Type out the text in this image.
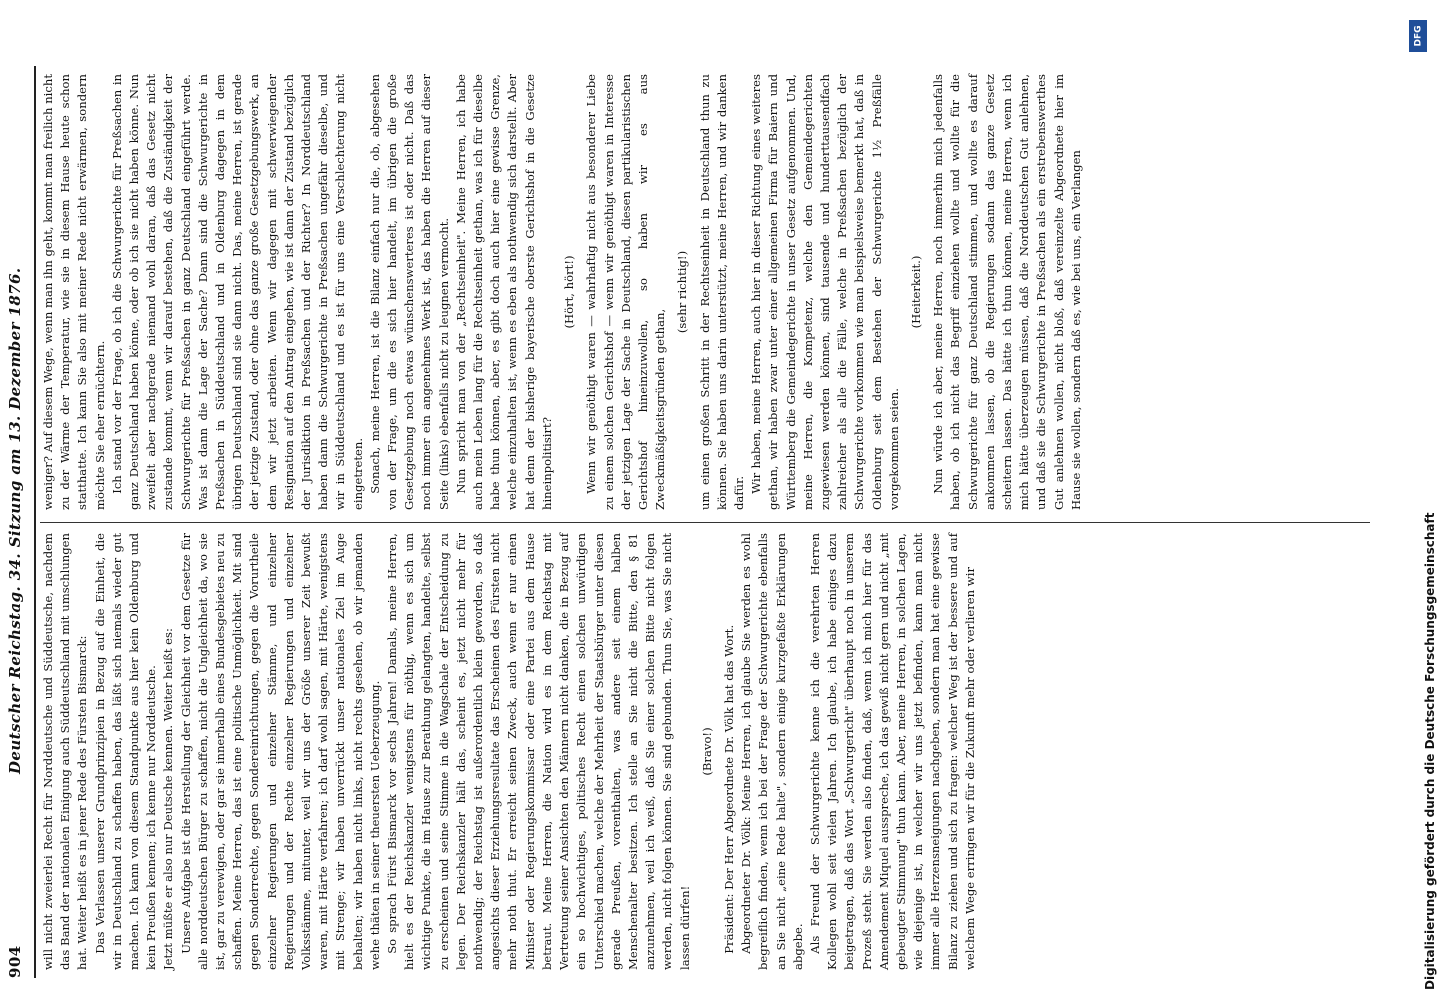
904
Deutscher Reichstag. 34. Sitzung am 13. Dezember 1876. will nicht zweierlei Recht für Norddeutsche und Süddeutsche, nachdem das Band der nationalen Einigung auch Süddeutschland mit umschlungen hat. Weiter heißt es in jener Rede des Fürsten Bismarck: Das Verlassen unserer Grundprinzipien in Bezug auf die Einheit, die wir in Deutschland zu schaffen haben, das läßt sich niemals wieder gut machen. Ich kann von diesem Standpunkte aus hier kein Oldenburg und kein Preußen kennen; ich kenne nur Norddeutsche. Jetzt müßte er also nur Deutsche kennen. Weiter heißt es: Unsere Aufgabe ist die Herstellung der Gleichheit vor dem Gesetze für alle norddeutschen Bürger zu schaffen, nicht die Ungleichheit da, wo sie ist, gar zu verewigen, oder gar sie innerhalb eines Bundesgebietes neu zu schaffen. Meine Herren, das ist eine politische Unmöglichkeit. Mit sind gegen Sonderrechte, gegen Sondereinrichtungen, gegen die Vorurtheile einzelner Regierungen und einzelner Stämme, und einzelner Regierungen und der Rechte einzelner Regierungen und einzelner Volksstämme, mitunter, weil wir uns der Größe unserer Zeit bewußt waren, mit Härte verfahren; ich darf wohl sagen, mit Härte, wenigstens mit Strenge; wir haben unverrückt unser nationales Ziel im Auge behalten; wir haben nicht links, nicht rechts gesehen, ob wir jemanden wehe thäten in seiner theuersten Ueberzeugung. So sprach Fürst Bismarck vor sechs Jahren! Damals, meine Herren, hielt es der Reichskanzler wenigstens für nöthig, wenn es sich um wichtige Punkte, die im Hause zur Berathung gelangten, handelte, selbst zu erscheinen und seine Stimme in die Wagschale der Entscheidung zu legen. Der Reichskanzler hält das, scheint es, jetzt nicht mehr für nothwendig; der Reichstag ist außerordentlich klein geworden, so daß angesichts dieser Erziehungsresultate das Erscheinen des Fürsten nicht mehr noth thut. Er erreicht seinen Zweck, auch wenn er nur einen Minister oder Regierungskommissar oder eine Partei aus dem Hause betraut. Meine Herren, die Nation wird es in dem Reichstag mit Vertretung seiner Ansichten den Männern nicht danken, die in Bezug auf ein so hochwichtiges, politisches Recht einen solchen unwürdigen Unterschied machen, welche der Mehrheit der Staatsbürger unter diesen gerade Preußen, vorenthalten, was andere seit einem halben Menschenalter besitzen. Ich stelle an Sie nicht die Bitte, den § 81 anzunehmen, weil ich weiß, daß Sie einer solchen Bitte nicht folgen werden, nicht folgen können. Sie sind gebunden. Thun Sie, was Sie nicht lassen dürfen!

(Bravo!) Präsident: Der Herr Abgeordnete Dr. Völk hat das Wort. Abgeordneter Dr. Völk: Meine Herren, ich glaube Sie werden es wohl begreiflich finden, wenn ich bei der Frage der Schwurgerichte ebenfalls an Sie nicht „eine Rede halte", sondern einige kurzgefaßte Erklärungen abgebe. Als Freund der Schwurgerichte kenne ich die verehrten Herren Kollegen wohl seit vielen Jahren. Ich glaube, ich habe einiges dazu beigetragen, daß das Wort „Schwurgericht" überhaupt noch in unserem Prozeß steht. Sie werden also finden, daß, wenn ich mich hier für das Amendement Miquel ausspreche, ich das gewiß nicht gern und nicht „mit gebeugter Stimmung" thun kann. Aber, meine Herren, in solchen Lagen, wie diejenige ist, in welcher wir uns jetzt befinden, kann man nicht immer alle Herzensneigungen nachgeben, sondern man hat eine gewisse Bilanz zu ziehen und sich zu fragen: welcher Weg ist der bessere und auf welchem Wege erringen wir für die Zukunft mehr oder verlieren wir

weniger? Auf diesem Wege, wenn man ihn geht, kommt man freilich nicht zu der Wärme der Temperatur, wie sie in diesem Hause heute schon statthatte. Ich kann Sie also mit meiner Rede nicht erwärmen, sondern möchte Sie eher ernüchtern. Ich stand vor der Frage, ob ich die Schwurgerichte für Preßsachen in ganz Deutschland haben könne, oder ob ich sie nicht haben könne. Nun zweifelt aber nachgerade niemand wohl daran, daß das Gesetz nicht zustande kommt, wenn wir darauf bestehen, daß die Zuständigkeit der Schwurgerichte für Preßsachen in ganz Deutschland eingeführt werde. Was ist dann die Lage der Sache? Dann sind die Schwurgerichte in Preßsachen in Süddeutschland und in Oldenburg dagegen in dem übrigen Deutschland sind sie dann nicht. Das, meine Herren, ist gerade der jetzige Zustand, oder ohne das ganze große Gesetzgebungswerk, an dem wir jetzt arbeiten. Wenn wir dagegen mit schwerwiegender Resignation auf den Antrag eingehen, wie ist dann der Zustand bezüglich der Jurisdiktion in Preßsachen und der Richter? In Norddeutschland haben dann die Schwurgerichte in Preßsachen ungefähr dieselbe, und wir in Süddeutschland und es ist für uns eine Verschlechterung nicht eingetreten. Sonach, meine Herren, ist die Bilanz einfach nur die, ob, abgesehen von der Frage, um die es sich hier handelt, im übrigen die große Gesetzgebung noch etwas wünschenswerteres ist oder nicht. Daß das noch immer ein angenehmes Werk ist, das haben die Herren auf dieser Seite (links) ebenfalls nicht zu leugnen vermocht. Nun spricht man von der „Rechtseinheit". Meine Herren, ich habe auch mein Leben lang für die Rechtseinheit gethan, was ich für dieselbe habe thun können, aber, es gibt doch auch hier eine gewisse Grenze, welche einzuhalten ist, wenn es eben als nothwendig sich darstellt. Aber hat denn der bisherige bayerische oberste Gerichtshof in die Gesetze hineinpolitisirt?

(Hört, hört!) Wenn wir genöthigt waren — wahrhaftig nicht aus besonderer Liebe zu einem solchen Gerichtshof — wenn wir genöthigt waren in Interesse der jetzigen Lage der Sache in Deutschland, diesen partikularistischen Gerichtshof hineinzuwollen, so haben wir es aus Zweckmäßigkeitsgründen gethan,

(sehr richtig!) um einen großen Schritt in der Rechtseinheit in Deutschland thun zu können. Sie haben uns darin unterstützt, meine Herren, und wir danken dafür. Wir haben, meine Herren, auch hier in dieser Richtung eines weiteres gethan, wir haben zwar unter einer allgemeinen Firma für Baiern und Württemberg die Gemeindegerichte in unser Gesetz aufgenommen. Und, meine Herren, die Kompetenz, welche den Gemeindegerichten zugewiesen werden können, sind tausende und hunderttausendfach zahlreicher als alle die Fälle, welche in Preßsachen bezüglich der Schwurgerichte vorkommen wie man beispielsweise bemerkt hat, daß in Oldenburg seit dem Bestehen der Schwurgerichte 1½ Preßfälle vorgekommen seien.

(Heiterkeit.) Nun würde ich aber, meine Herren, noch immerhin mich jedenfalls haben, ob ich nicht das Begriff einziehen wollte und wollte für die Schwurgerichte für ganz Deutschland stimmen, und wollte es darauf ankommen lassen, ob die Regierungen sodann das ganze Gesetz scheitern lassen. Das hätte ich thun können, meine Herren, wenn ich mich hätte überzeugen müssen, daß die Norddeutschen Gut anlehnen, und daß sie die Schwurgerichte in Preßsachen als ein erstrebenswerthes Gut anlehnen wollen, nicht bloß, daß vereinzelte Abgeordnete hier im Hause sie wollen, sondern daß es, wie bei uns, ein Verlangen

Digitalisierung gefördert durch die Deutsche Forschungsgemeinschaft
DFG
